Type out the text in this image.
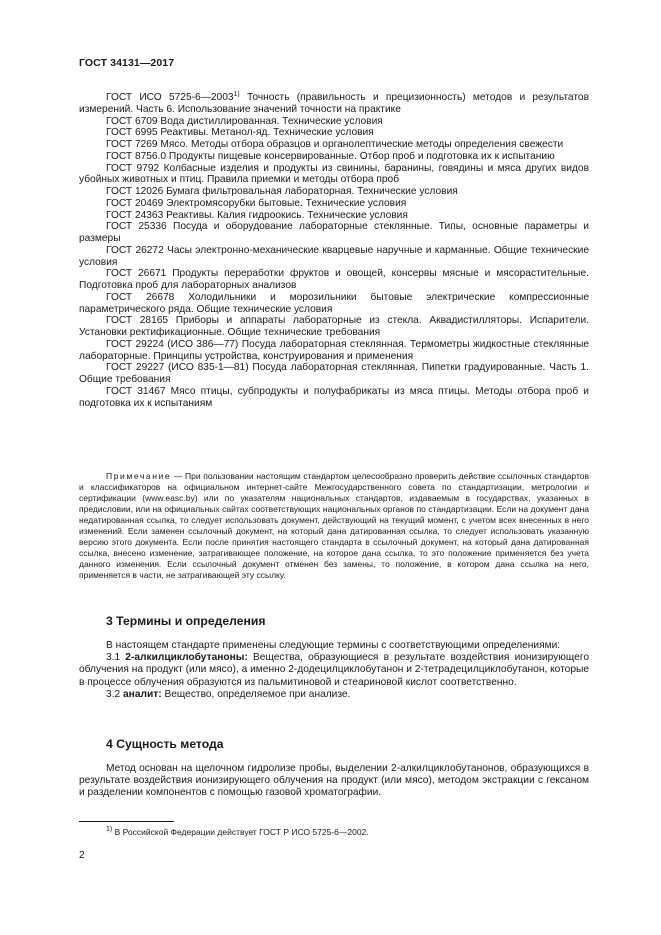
ГОСТ 34131—2017

ГОСТ ИСО 5725-6—2003$^{1)}$ Точность (правильность и прецизионность) методов и результатов измерений. Часть 6. Использование значений точности на практике

ГОСТ 6709 Вода дистиллированная. Технические условия

ГОСТ 6995 Реактивы. Метанол-яд. Технические условия

ГОСТ 7269 Мясо. Методы отбора образцов и органолептические методы определения свежести

ГОСТ 8756.0 Продукты пищевые консервированные. Отбор проб и подготовка их к испытанию

ГОСТ 9792 Колбасные изделия и продукты из свинины, баранины, говядины и мяса других видов убойных животных и птиц. Правила приемки и методы отбора проб

ГОСТ 12026 Бумага фильтровальная лабораторная. Технические условия

ГОСТ 20469 Электромясорубки бытовые. Технические условия

ГОСТ 24363 Реактивы. Калия гидроокись. Технические условия

ГОСТ 25336 Посуда и оборудование лабораторные стеклянные. Типы, основные параметры и размеры

ГОСТ 26272 Часы электронно-механические кварцевые наручные и карманные. Общие технические условия

ГОСТ 26671 Продукты переработки фруктов и овощей, консервы мясные и мясорастительные. Подготовка проб для лабораторных анализов

ГОСТ 26678 Холодильники и морозильники бытовые электрические компрессионные параметрического ряда. Общие технические условия

ГОСТ 28165 Приборы и аппараты лабораторные из стекла. Аквадистилляторы. Испарители. Установки ректификационные. Общие технические требования

ГОСТ 29224 (ИСО 386—77) Посуда лабораторная стеклянная. Термометры жидкостные стеклянные лабораторные. Принципы устройства, конструирования и применения

ГОСТ 29227 (ИСО 835-1—81) Посуда лабораторная стеклянная. Пипетки градуированные. Часть 1. Общие требования

ГОСТ 31467 Мясо птицы, субпродукты и полуфабрикаты из мяса птицы. Методы отбора проб и подготовка их к испытаниям

Примечание — При пользовании настоящим стандартом целесообразно проверить действие ссылочных стандартов и классификаторов на официальном интернет-сайте Межгосударственного совета по стандартизации, метрологии и сертификации (www.easc.by) или по указателям национальных стандартов, издаваемым в государствах, указанных в предисловии, или на официальных сайтах соответствующих национальных органов по стандартизации. Если на документ дана недатированная ссылка, то следует использовать документ, действующий на текущий момент, с учетом всех внесенных в него изменений. Если заменен ссылочный документ, на который дана датированная ссылка, то следует использовать указанную версию этого документа. Если после принятия настоящего стандарта в ссылочный документ, на который дана датированная ссылка, внесено изменение, затрагивающее положение, на которое дана ссылка, то это положение применяется без учета данного изменения. Если ссылочный документ отменен без замены, то положение, в котором дана ссылка на него, применяется в части, не затрагивающей эту ссылку.

3 Термины и определения

В настоящем стандарте применены следующие термины с соответствующими определениями:

3.1 2-алкилциклобутаноны: Вещества, образующиеся в результате воздействия ионизирующего облучения на продукт (или мясо), а именно 2-додецилциклобутанон и 2-тетрадецилциклобутанон, которые в процессе облучения образуются из пальмитиновой и стеариновой кислот соответственно.

3.2 аналит: Вещество, определяемое при анализе.

4 Сущность метода

Метод основан на щелочном гидролизе пробы, выделении 2-алкилциклобутанонов, образующихся в результате воздействия ионизирующего облучения на продукт (или мясо), методом экстракции с гексаном и разделении компонентов с помощью газовой хроматографии.

$^{1)}$ В Российской Федерации действует ГОСТ Р ИСО 5725-6—2002.
2
